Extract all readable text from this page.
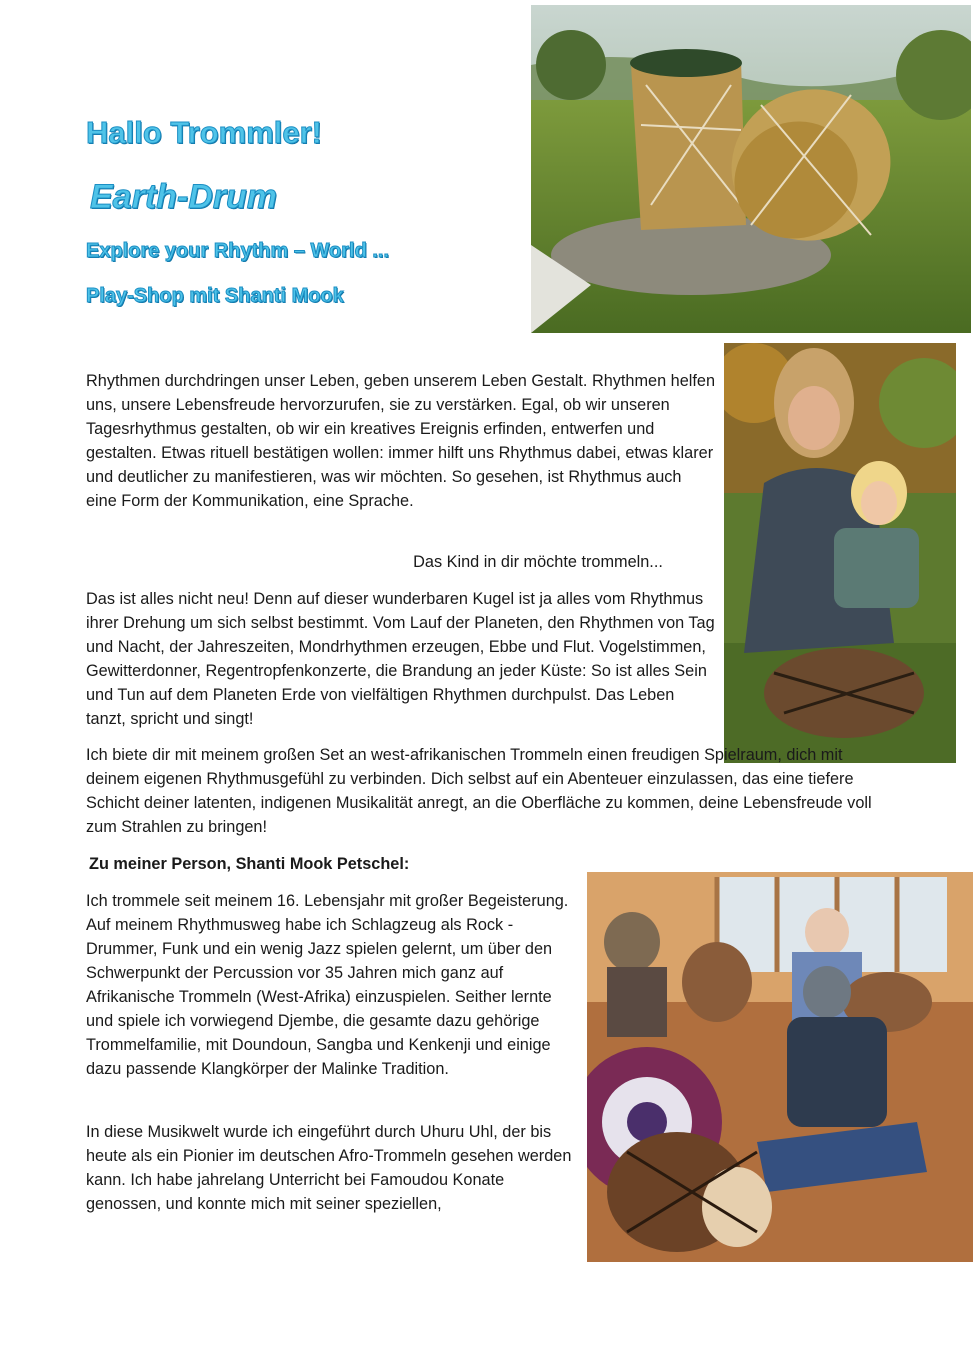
Hallo Trommler!
Earth-Drum
Explore your Rhythm – World ...
Play-Shop mit Shanti Mook

Rhythmen durchdringen unser Leben, geben unserem Leben Gestalt. Rhythmen helfen uns, unsere Lebensfreude hervorzurufen, sie zu verstärken. Egal, ob wir unseren Tagesrhythmus gestalten, ob wir ein kreatives Ereignis erfinden, entwerfen und gestalten. Etwas rituell bestätigen wollen: immer hilft uns Rhythmus dabei, etwas klarer und deutlicher zu manifestieren, was wir möchten. So gesehen, ist Rhythmus auch eine Form der Kommunikation, eine Sprache.

Das Kind in dir möchte trommeln...

Das ist alles nicht neu! Denn auf dieser wunderbaren Kugel ist ja alles vom Rhythmus ihrer Drehung um sich selbst bestimmt. Vom Lauf der Planeten, den Rhythmen von Tag und Nacht, der Jahreszeiten, Mondrhythmen erzeugen, Ebbe und Flut. Vogelstimmen, Gewitterdonner, Regentropfenkonzerte, die Brandung an jeder Küste: So ist alles Sein und Tun auf dem Planeten Erde von vielfältigen Rhythmen durchpulst. Das Leben tanzt, spricht und singt!

Ich biete dir mit meinem großen Set an west-afrikanischen Trommeln einen freudigen Spielraum, dich mit deinem eigenen Rhythmusgefühl zu verbinden. Dich selbst auf ein Abenteuer einzulassen, das eine tiefere Schicht deiner latenten, indigenen Musikalität anregt, an die Oberfläche zu kommen, deine Lebensfreude voll zum Strahlen zu bringen!

Zu meiner Person, Shanti Mook Petschel:

Ich trommele seit meinem 16. Lebensjahr mit großer Begeisterung. Auf meinem Rhythmusweg habe ich Schlagzeug als Rock -Drummer, Funk und ein wenig Jazz spielen gelernt, um über den Schwerpunkt der Percussion vor 35 Jahren mich ganz auf Afrikanische Trommeln (West-Afrika) einzuspielen. Seither lernte und spiele ich vorwiegend Djembe, die gesamte dazu gehörige Trommelfamilie, mit Doundoun, Sangba und Kenkenji und einige dazu passende Klangkörper der Malinke Tradition.

In diese Musikwelt wurde ich eingeführt durch Uhuru Uhl, der bis heute als ein Pionier im deutschen Afro-Trommeln gesehen werden kann. Ich habe jahrelang Unterricht bei Famoudou Konate genossen, und konnte mich mit seiner speziellen,
